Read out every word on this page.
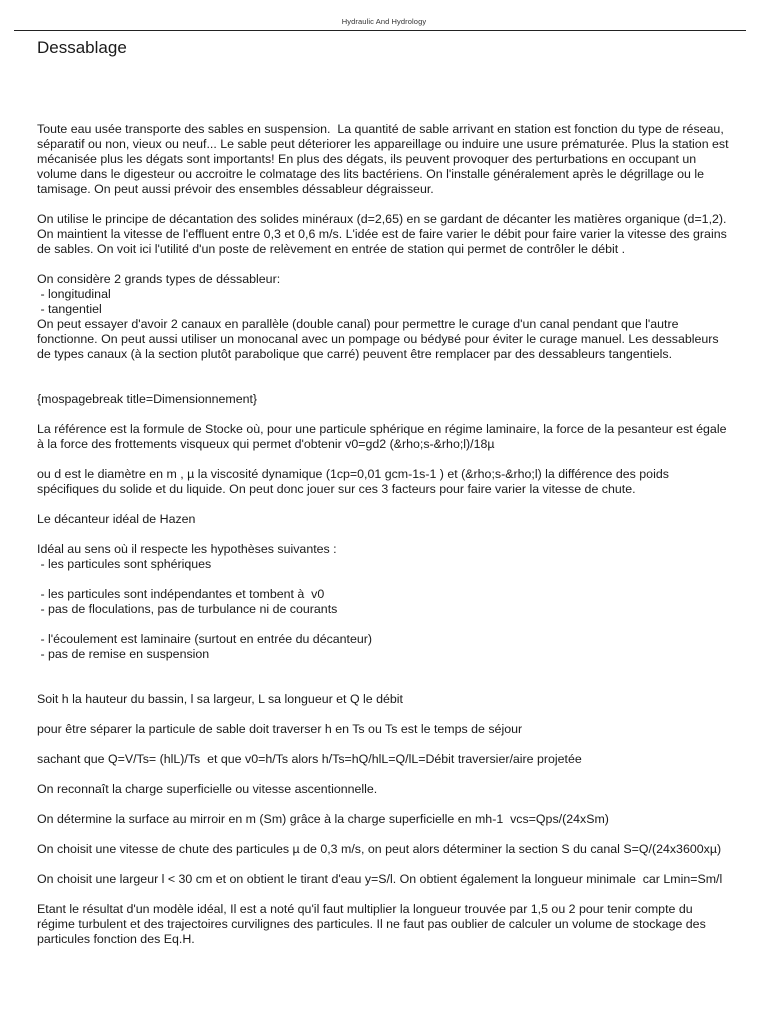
Hydraulic And Hydrology
Dessablage

Toute eau usée transporte des sables en suspension.  La quantité de sable arrivant en station est fonction du type de réseau, séparatif ou non, vieux ou neuf... Le sable peut déteriorer les appareillage ou induire une usure prématurée. Plus la station est mécanisée plus les dégats sont importants! En plus des dégats, ils peuvent provoquer des perturbations en occupant un volume dans le digesteur ou accroitre le colmatage des lits bactériens. On l'installe généralement après le dégrillage ou le tamisage. On peut aussi prévoir des ensembles déssableur dégraisseur.

On utilise le principe de décantation des solides minéraux (d=2,65) en se gardant de décanter les matières organique (d=1,2). On maintient la vitesse de l'effluent entre 0,3 et 0,6 m/s. L'idée est de faire varier le débit pour faire varier la vitesse des grains de sables. On voit ici l'utilité d'un poste de relèvement en entrée de station qui permet de contrôler le débit .

On considère 2 grands types de déssableur:
- longitudinal
- tangentiel
On peut essayer d'avoir 2 canaux en parallèle (double canal) pour permettre le curage d'un canal pendant que l'autre fonctionne. On peut aussi utiliser un monocanal avec un pompage ou bédувé pour éviter le curage manuel. Les dessableurs de types canaux (à la section plutôt parabolique que carré) peuvent être remplacer par des dessableurs tangentiels.

{mospagebreak title=Dimensionnement}

La référence est la formule de Stocke où, pour une particule sphérique en régime laminaire, la force de la pesanteur est égale à la force des frottements visqueux qui permet d'obtenir v0=gd2 (&rho;s-&rho;l)/18µ

ou d est le diamètre en m , µ la viscosité dynamique (1cp=0,01 gcm-1s-1 ) et (&rho;s-&rho;l) la différence des poids spécifiques du solide et du liquide. On peut donc jouer sur ces 3 facteurs pour faire varier la vitesse de chute.

Le décanteur idéal de Hazen

Idéal au sens où il respecte les hypothèses suivantes :
- les particules sont sphériques

- les particules sont indépendantes et tombent à  v0
- pas de floculations, pas de turbulance ni de courants

- l'écoulement est laminaire (surtout en entrée du décanteur)
- pas de remise en suspension

Soit h la hauteur du bassin, l sa largeur, L sa longueur et Q le débit

pour être séparer la particule de sable doit traverser h en Ts ou Ts est le temps de séjour

sachant que Q=V/Ts= (hlL)/Ts  et que v0=h/Ts alors h/Ts=hQ/hlL=Q/lL=Débit traversier/aire projetée

On reconnaît la charge superficielle ou vitesse ascentionnelle.

On détermine la surface au mirroir en m (Sm) grâce à la charge superficielle en mh-1  vcs=Qps/(24xSm)

On choisit une vitesse de chute des particules µ de 0,3 m/s, on peut alors déterminer la section S du canal S=Q/(24x3600xµ)

On choisit une largeur l < 30 cm et on obtient le tirant d'eau y=S/l. On obtient également la longueur minimale  car Lmin=Sm/l

Etant le résultat d'un modèle idéal, Il est a noté qu'il faut multiplier la longueur trouvée par 1,5 ou 2 pour tenir compte du régime turbulent et des trajectoires curvilignes des particules. Il ne faut pas oublier de calculer un volume de stockage des particules fonction des Eq.H.
